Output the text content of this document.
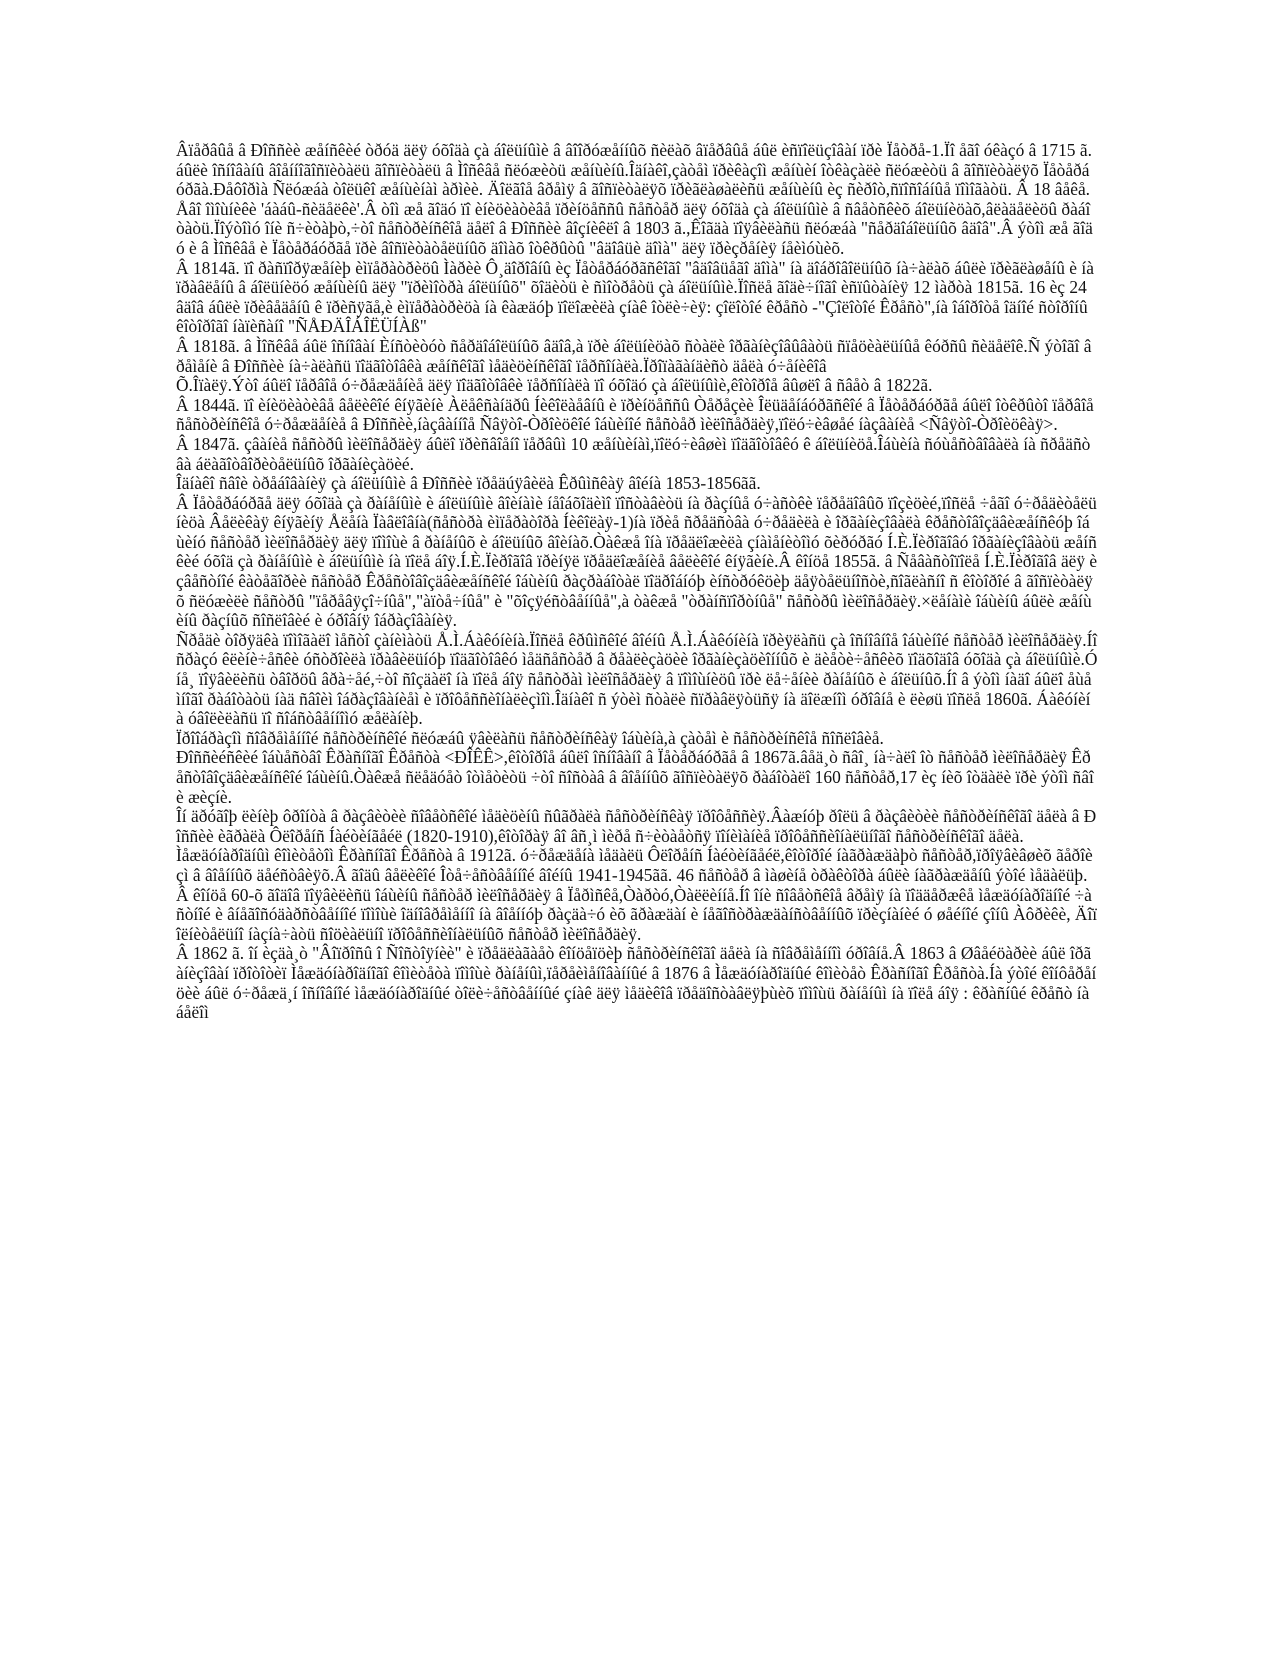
Âïåðâûå â Ðîññèè æåíñêèé òðóä äëÿ óõîäà çà áîëüíûìè â âîîðóæåííûõ ñèëàõ âïåðâûå áûë èñïîëüçîâàí ïðè Ïåòðå-1.Ïî åãî óêàçó â 1715 ã. áûëè îñíîâàíû âîåííîãîñïèòàëü ãîñïèòàëü â Ìîñêâå ñëóæèòü æåíùèíû.Îäíàêî,çàòåì ïðèêàçîì æåíùèí îòêàçàëè ñëóæèòü â ãîñïèòàëÿõ Ïåòåðáóðãà.Ðåôîðìà Ñëóæáà òîëüêî æåíùèíàì àðìèè. Äîëãîå âðåìÿ â ãîñïèòàëÿõ ïðèãëàøàëèñü æåíùèíû èç ñèðîò,ñïîñîáíûå ïîìîãàòü. Â 18 âåêå. Åâî îìîùíèêè 'áàáû-ñèäåëêè'.Â òîì æå ãîäó ïî èíèöèàòèâå ïðèíöåññû ñåñòåð äëÿ óõîäà çà áîëüíûìè â ñâåòñêèõ áîëüíèöàõ,âëàäåëèöû ðàáîòàòü.Ïîýòîìó îíè ñ÷èòàþò,÷òî ñåñòðèíñêîå äåëî â Ðîññèè âîçíèêëî â 1803 ã.,Êîãäà ïîÿâèëàñü ñëóæáà "ñåðäîáîëüíûõ âäîâ".Â ýòîì æå ãîäó è â Ìîñêâå è Ïåòåðáóðãå ïðè âîñïèòàòåëüíûõ äîìàõ îòêðûòû "âäîâüè äîìà" äëÿ ïðèçðåíèÿ íåèìóùèõ.

Â 1814ã. ïî ðàñïîðÿæåíèþ èìïåðàòðèöû Ìàðèè Ô¸äîðîâíû èç Ïåòåðáóðãñêîãî "âäîâüåãî äîìà" íà äîáðîâîëüíûõ íà÷àëàõ áûëè ïðèãëàøåíû è íàïðàâëåíû â áîëüíèöó æåíùèíû äëÿ "ïðèìîòðà áîëüíûõ" õîäèòü è ñìîòðåòü çà áîëüíûìè.Ïîñëå ãîäè÷íîãî èñïûòàíèÿ 12 ìàðòà 1815ã. 16 èç 24 âäîâ áûëè ïðèâåäåíû ê ïðèñÿãå,è èìïåðàòðèöà íà êàæäóþ ïîëîæèëà çíàê îòëè÷èÿ: çîëîòîé êðåñò -"Çîëîòîé Êðåñò",íà îáîðîòå îäíîé ñòîðîíû êîòîðîãî íàïèñàíî "ÑÅÐÄÎÁÎËÜÍÀß"

Â 1818ã. â Ìîñêâå áûë îñíîâàí Èíñòèòóò ñåðäîáîëüíûõ âäîâ,à ïðè áîëüíèöàõ ñòàëè îðãàíèçîâûâàòü ñïåöèàëüíûå êóðñû ñèäåëîê.Ñ ýòîãî âðåìåíè â Ðîññèè íà÷àëàñü ïîäãîòîâêà æåíñêîãî ìåäèöèíñêîãî ïåðñîíàëà.Ïðîïàãàíäèñò äåëà ó÷åíèêîâ

Õ.Îïàëÿ.Ýòî áûëî ïåðâîå ó÷ðåæäåíèå äëÿ ïîäãîòîâêè ïåðñîíàëà ïî óõîäó çà áîëüíûìè,êîòîðîå âûøëî â ñâåò â 1822ã.

Â 1844ã. ïî èíèöèàòèâå âåëèêîé êíÿãèíè Àëåêñàíäðû Íèêîëàåâíû è ïðèíöåññû Òåðåçèè Îëüäåíáóðãñêîé â Ïåòåðáóðãå áûëî îòêðûòî ïåðâîå ñåñòðèíñêîå ó÷ðåæäåíèå â Ðîññèè,íàçâàííîå Ñâÿòî-Òðîèöêîé îáùèíîé ñåñòåð ìèëîñåðäèÿ,ïîëó÷èâøåé íàçâàíèå <Ñâÿòî-Òðîèöêàÿ>.

Â 1847ã. çâàíèå ñåñòðû ìèëîñåðäèÿ áûëî ïðèñâîåíî ïåðâûì 10 æåíùèíàì,ïîëó÷èâøèì ïîäãîòîâêó ê áîëüíèöå.Îáùèíà ñóùåñòâîâàëà íà ñðåäñòâà áëàãîòâîðèòåëüíûõ îðãàíèçàöèé.

Îäíàêî ñâîè òðåáîâàíèÿ çà áîëüíûìè â Ðîññèè ïðåäúÿâèëà Êðûìñêàÿ âîéíà 1853-1856ãã.

Â Ïåòåðáóðãå äëÿ óõîäà çà ðàíåíûìè è áîëüíûìè âîèíàìè íåîáõîäèìî ïîñòàâèòü íà ðàçíûå ó÷àñòêè ïåðåäîâûõ ïîçèöèé,ïîñëå ÷åãî ó÷ðåäèòåëüíèöà Âåëèêàÿ êíÿãèíÿ Åëåíà Ïàâëîâíà(ñåñòðà èìïåðàòîðà Íèêîëàÿ-1)íà ïðèå ñðåäñòâà ó÷ðåäèëà è îðãàíèçîâàëà êðåñòîâîçäâèæåíñêóþ îáùèíó ñåñòåð ìèëîñåðäèÿ äëÿ ïîìîùè â ðàíåíûõ è áîëüíûõ âîèíàõ.Òàêæå îíà ïðåäëîæèëà çíàìåíèòîìó õèðóðãó Í.È.Ïèðîãîâó îðãàíèçîâàòü æåíñêèé óõîä çà ðàíåíûìè è áîëüíûìè íà ïîëå áîÿ.Í.È.Ïèðîãîâ ïðèíÿë ïðåäëîæåíèå âåëèêîé êíÿãèíè.Â êîíöå 1855ã. â Ñåâàñòîïîëå Í.È.Ïèðîãîâ äëÿ èçâåñòíîé êàòåãîðèè ñåñòåð Êðåñòîâîçäâèæåíñêîé îáùèíû ðàçðàáîòàë ïîäðîáíóþ èíñòðóêöèþ äåÿòåëüíîñòè,ñîãëàñíî ñ êîòîðîé â ãîñïèòàëÿõ ñëóæèëè ñåñòðû "ïåðåâÿçî÷íûå","àïòå÷íûå" è "õîçÿéñòâåííûå",à òàêæå "òðàíñïîðòíûå" ñåñòðû ìèëîñåðäèÿ.×ëåíàìè îáùèíû áûëè æåíùèíû ðàçíûõ ñîñëîâèé è óðîâíÿ îáðàçîâàíèÿ.

Ñðåäè òîðÿäêà ïîìîãàëî ìåñòî çàíèìàòü Å.Ì.Áàêóíèíà.Ïîñëå êðûìñêîé âîéíû Å.Ì.Áàêóíèíà ïðèÿëàñü çà îñíîâíîå îáùèíîé ñåñòåð ìèëîñåðäèÿ.Íî ñðàçó êëèíè÷åñêè óñòðîèëà ïðàâèëüíóþ ïîäãîòîâêó ìåäñåñòåð â ðåàëèçàöèè îðãàíèçàöèîííûõ è äèåòè÷åñêèõ ïîäõîäîâ óõîäà çà áîëüíûìè.Ó íå¸ ïîÿâèëèñü òâîðöû âðà÷åé,÷òî ñîçäàëî íà ïîëå áîÿ ñåñòðàì ìèëîñåðäèÿ â ïîìîùíèöû ïðè ëå÷åíèè ðàíåíûõ è áîëüíûõ.Íî â ýòîì íàäî áûëî åùå ìíîãî ðàáîòàòü íàä ñâîèì îáðàçîâàíèåì è ïðîôåññèîíàëèçìîì.Îäíàêî ñ ýòèì ñòàëè ñïðàâëÿòüñÿ íà äîëæíîì óðîâíå è ëèøü ïîñëå 1860ã. Áàêóíèíà óâîëèëàñü ïî ñîáñòâåííîìó æåëàíèþ.

Ïðîîáðàçîì ñîâðåìåííîé ñåñòðèíñêîé ñëóæáû ÿâèëàñü ñåñòðèíñêàÿ îáùèíà,à çàòåì è ñåñòðèíñêîå ñîñëîâèå.

Ðîññèéñêèé îáùåñòâî Êðàñíîãî Êðåñòà <ÐÎÊÊ>,êîòîðîå áûëî îñíîâàíî â Ïåòåðáóðãå â 1867ã.âåä¸ò ñâî¸ íà÷àëî îò ñåñòåð ìèëîñåðäèÿ Êðåñòîâîçäâèæåíñêîé îáùèíû.Òàêæå ñëåäóåò îòìåòèòü ÷òî ñîñòàâ â âîåííûõ ãîñïèòàëÿõ ðàáîòàëî 160 ñåñòåð,17 èç íèõ îòäàëè ïðè ýòîì ñâîè æèçíè.

Îí äðóãîþ ëèíèþ ôðîíòà â ðàçâèòèè ñîâåòñêîé ìåäèöèíû ñûãðàëà ñåñòðèíñêàÿ ïðîôåññèÿ.Âàæíóþ ðîëü â ðàçâèòèè ñåñòðèíñêîãî äåëà â Ðîññèè èãðàëà Ôëîðåíñ Íàéòèíãåéë (1820-1910),êîòîðàÿ âî âñ¸ì ìèðå ñ÷èòàåòñÿ ïîíèìàíèå ïðîôåññèîíàëüíîãî ñåñòðèíñêîãî äåëà.

Ìåæäóíàðîäíûì êîìèòåòîì Êðàñíîãî Êðåñòà â 1912ã. ó÷ðåæäåíà ìåäàëü Ôëîðåíñ Íàéòèíãåéë,êîòîðîé íàãðàæäàþò ñåñòåð,ïðîÿâèâøèõ ãåðîèçì â âîåííûõ äåéñòâèÿõ.Â ãîäû âåëèêîé Îòå÷åñòâåííîé âîéíû 1941-1945ãã. 46 ñåñòåð â ìàøèíå òðàêòîðà áûëè íàãðàæäåíû ýòîé ìåäàëüþ.Â êîíöå 60-õ ãîäîâ ïîÿâèëèñü îáùèíû ñåñòåð ìèëîñåðäèÿ â Ïåðìñêå,Òàðòó,Òàëëèííå.Íî îíè ñîâåòñêîå âðåìÿ íà ïîääåðæêå ìåæäóíàðîäíîé ÷àñòíîé è âíåãîñóäàðñòâåííîé ïîìîùè îäíîâðåìåííî íà âîåííóþ ðàçäà÷ó èõ ãðàæäàí è íåãîñòðàæäàíñòâåííûõ ïðèçíàíèé ó øåéíîé çîíû Àôðèêè, Äîïîëíèòåëüíî íàçíà÷àòü ñîöèàëüíî ïðîôåññèîíàëüíûõ ñåñòåð ìèëîñåðäèÿ.

Â 1862 ã. îí èçäà¸ò "Âîïðîñû î Ñîñòîÿíèè" è ïðåäëàãàåò êîíöåïöèþ ñåñòðèíñêîãî äåëà íà ñîâðåìåííîì óðîâíå.Â 1863 â Øâåéöàðèè áûë îðãàíèçîâàí ïðîòîòèï Ìåæäóíàðîäíîãî êîìèòåòà ïîìîùè ðàíåíûì,ïåðåèìåíîâàííûé â 1876 â Ìåæäóíàðîäíûé êîìèòåò Êðàñíîãî Êðåñòà.Íà ýòîé êîíôåðåíöèè áûë ó÷ðåæä¸í îñíîâíîé ìåæäóíàðîäíûé òîëè÷åñòâåííûé çíàê äëÿ ìåäèêîâ ïðåäîñòàâëÿþùèõ ïîìîùü ðàíåíûì íà ïîëå áîÿ : êðàñíûé êðåñò íà áåëîì
